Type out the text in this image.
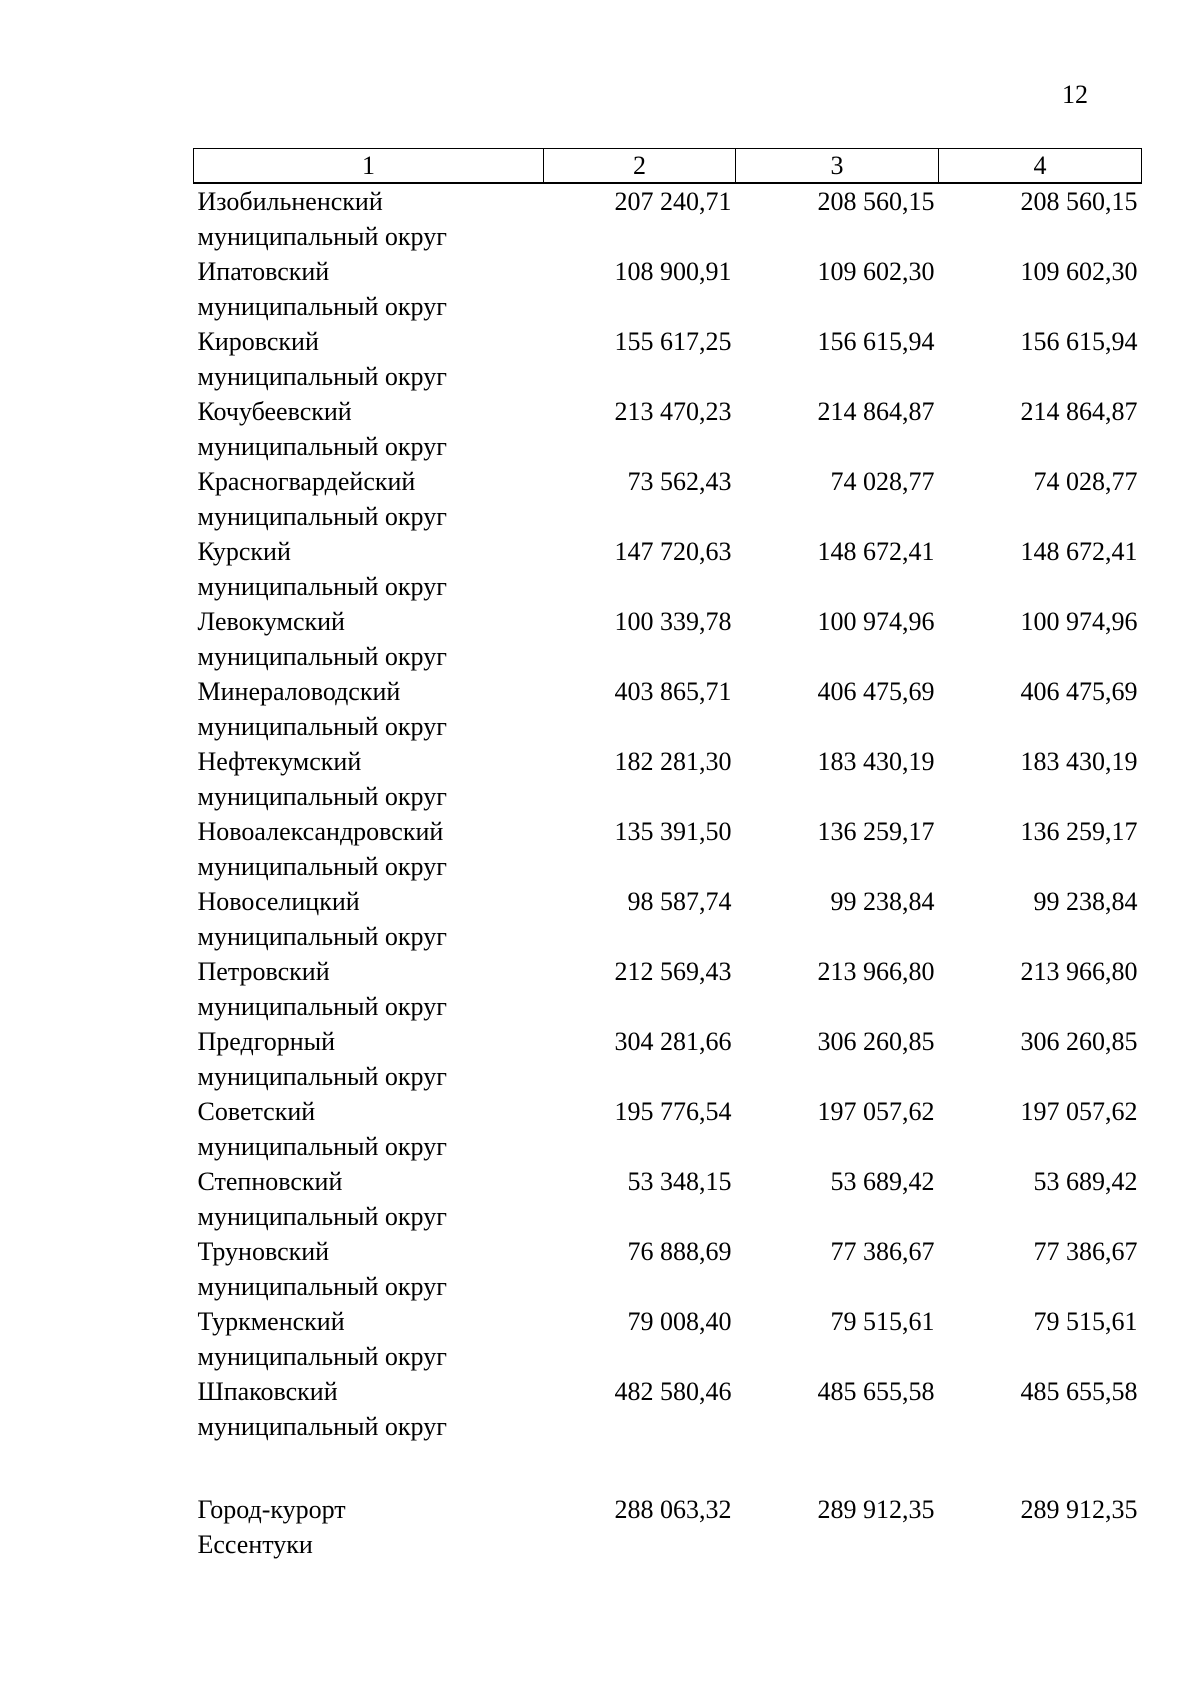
12
1	2	3	4
Изобильненский
муниципальный округ	207 240,71	208 560,15	208 560,15
Ипатовский
муниципальный округ	108 900,91	109 602,30	109 602,30
Кировский
муниципальный округ	155 617,25	156 615,94	156 615,94
Кочубеевский
муниципальный округ	213 470,23	214 864,87	214 864,87
Красногвардейский
муниципальный округ	73 562,43	74 028,77	74 028,77
Курский
муниципальный округ	147 720,63	148 672,41	148 672,41
Левокумский
муниципальный округ	100 339,78	100 974,96	100 974,96
Минераловодский
муниципальный округ	403 865,71	406 475,69	406 475,69
Нефтекумский
муниципальный округ	182 281,30	183 430,19	183 430,19
Новоалександровский
муниципальный округ	135 391,50	136 259,17	136 259,17
Новоселицкий
муниципальный округ	98 587,74	99 238,84	99 238,84
Петровский
муниципальный округ	212 569,43	213 966,80	213 966,80
Предгорный
муниципальный округ	304 281,66	306 260,85	306 260,85
Советский
муниципальный округ	195 776,54	197 057,62	197 057,62
Степновский
муниципальный округ	53 348,15	53 689,42	53 689,42
Труновский
муниципальный округ	76 888,69	77 386,67	77 386,67
Туркменский
муниципальный округ	79 008,40	79 515,61	79 515,61
Шпаковский
муниципальный округ	482 580,46	485 655,58	485 655,58

Город-курорт
Ессентуки	288 063,32	289 912,35	289 912,35
